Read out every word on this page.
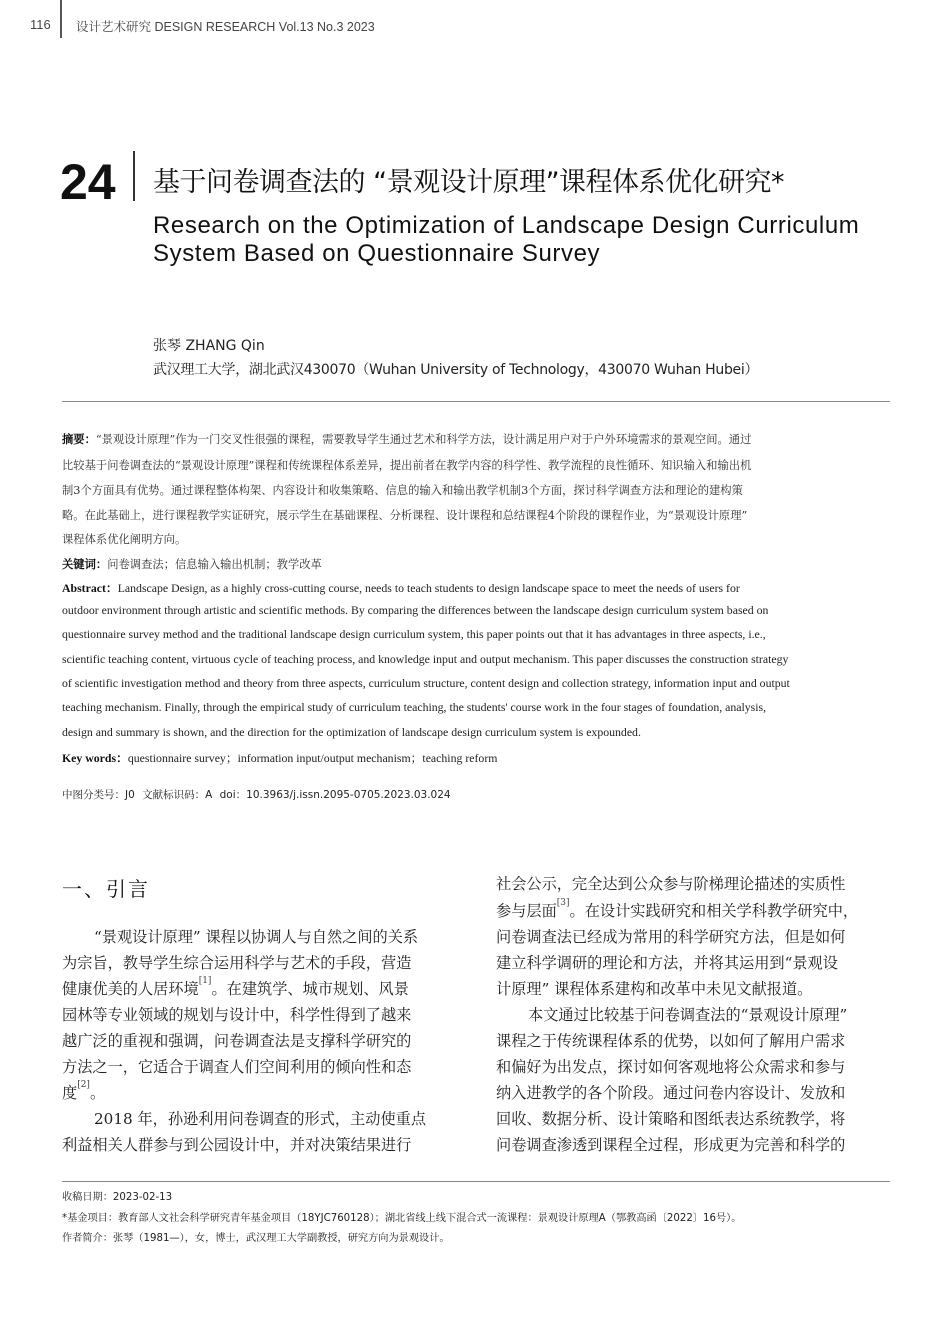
116 设计艺术研究 DESIGN RESEARCH Vol.13 No.3 2023
24 基于问卷调查法的 “景观设计原理”课程体系优化研究*
Research on the Optimization of Landscape Design Curriculum
System Based on Questionnaire Survey
张琴 ZHANG Qin
武汉理工大学，湖北武汉430070（Wuhan University of Technology，430070 Wuhan Hubei）
摘要：“景观设计原理”作为一门交叉性很强的课程，需要教导学生通过艺术和科学方法，设计满足用户对于户外环境需求的景观空间。通过
比较基于问卷调查法的“景观设计原理”课程和传统课程体系差异，提出前者在教学内容的科学性、教学流程的良性循环、知识输入和输出机
制3个方面具有优势。通过课程整体构架、内容设计和收集策略、信息的输入和输出教学机制3个方面，探讨科学调查方法和理论的建构策
略。在此基础上，进行课程教学实证研究，展示学生在基础课程、分析课程、设计课程和总结课程4个阶段的课程作业，为“景观设计原理”
课程体系优化阐明方向。
关键词：问卷调查法；信息输入输出机制；教学改革
Abstract：Landscape Design, as a highly cross-cutting course, needs to teach students to design landscape space to meet the needs of users for
outdoor environment through artistic and scientific methods. By comparing the differences between the landscape design curriculum system based on
questionnaire survey method and the traditional landscape design curriculum system, this paper points out that it has advantages in three aspects, i.e.,
scientific teaching content, virtuous cycle of teaching process, and knowledge input and output mechanism. This paper discusses the construction strategy
of scientific investigation method and theory from three aspects, curriculum structure, content design and collection strategy, information input and output
teaching mechanism. Finally, through the empirical study of curriculum teaching, the students' course work in the four stages of foundation, analysis,
design and summary is shown, and the direction for the optimization of landscape design curriculum system is expounded.
Key words：questionnaire survey；information input/output mechanism；teaching reform
中图分类号：J0 文献标识码：A doi：10.3963/j.issn.2095-0705.2023.03.024
一、引言
“景观设计原理” 课程以协调人与自然之间的关系
为宗旨，教导学生综合运用科学与艺术的手段，营造
健康优美的人居环境[1]。在建筑学、城市规划、风景
园林等专业领域的规划与设计中，科学性得到了越来
越广泛的重视和强调，问卷调查法是支撑科学研究的
方法之一，它适合于调查人们空间利用的倾向性和态
度[2]。
2018 年，孙逊利用问卷调查的形式，主动使重点
利益相关人群参与到公园设计中，并对决策结果进行
社会公示，完全达到公众参与阶梯理论描述的实质性
参与层面[3]。在设计实践研究和相关学科教学研究中，
问卷调查法已经成为常用的科学研究方法，但是如何
建立科学调研的理论和方法，并将其运用到“景观设
计原理” 课程体系建构和改革中未见文献报道。
本文通过比较基于问卷调查法的“景观设计原理”
课程之于传统课程体系的优势，以如何了解用户需求
和偏好为出发点，探讨如何客观地将公众需求和参与
纳入进教学的各个阶段。通过问卷内容设计、发放和
回收、数据分析、设计策略和图纸表达系统教学，将
问卷调查渗透到课程全过程，形成更为完善和科学的
收稿日期：2023-02-13
*基金项目：教育部人文社会科学研究青年基金项目（18YJC760128）；湖北省线上线下混合式一流课程：景观设计原理A（鄂教高函〔2022〕16号）。
作者简介：张琴（1981—），女，博士，武汉理工大学副教授，研究方向为景观设计。
